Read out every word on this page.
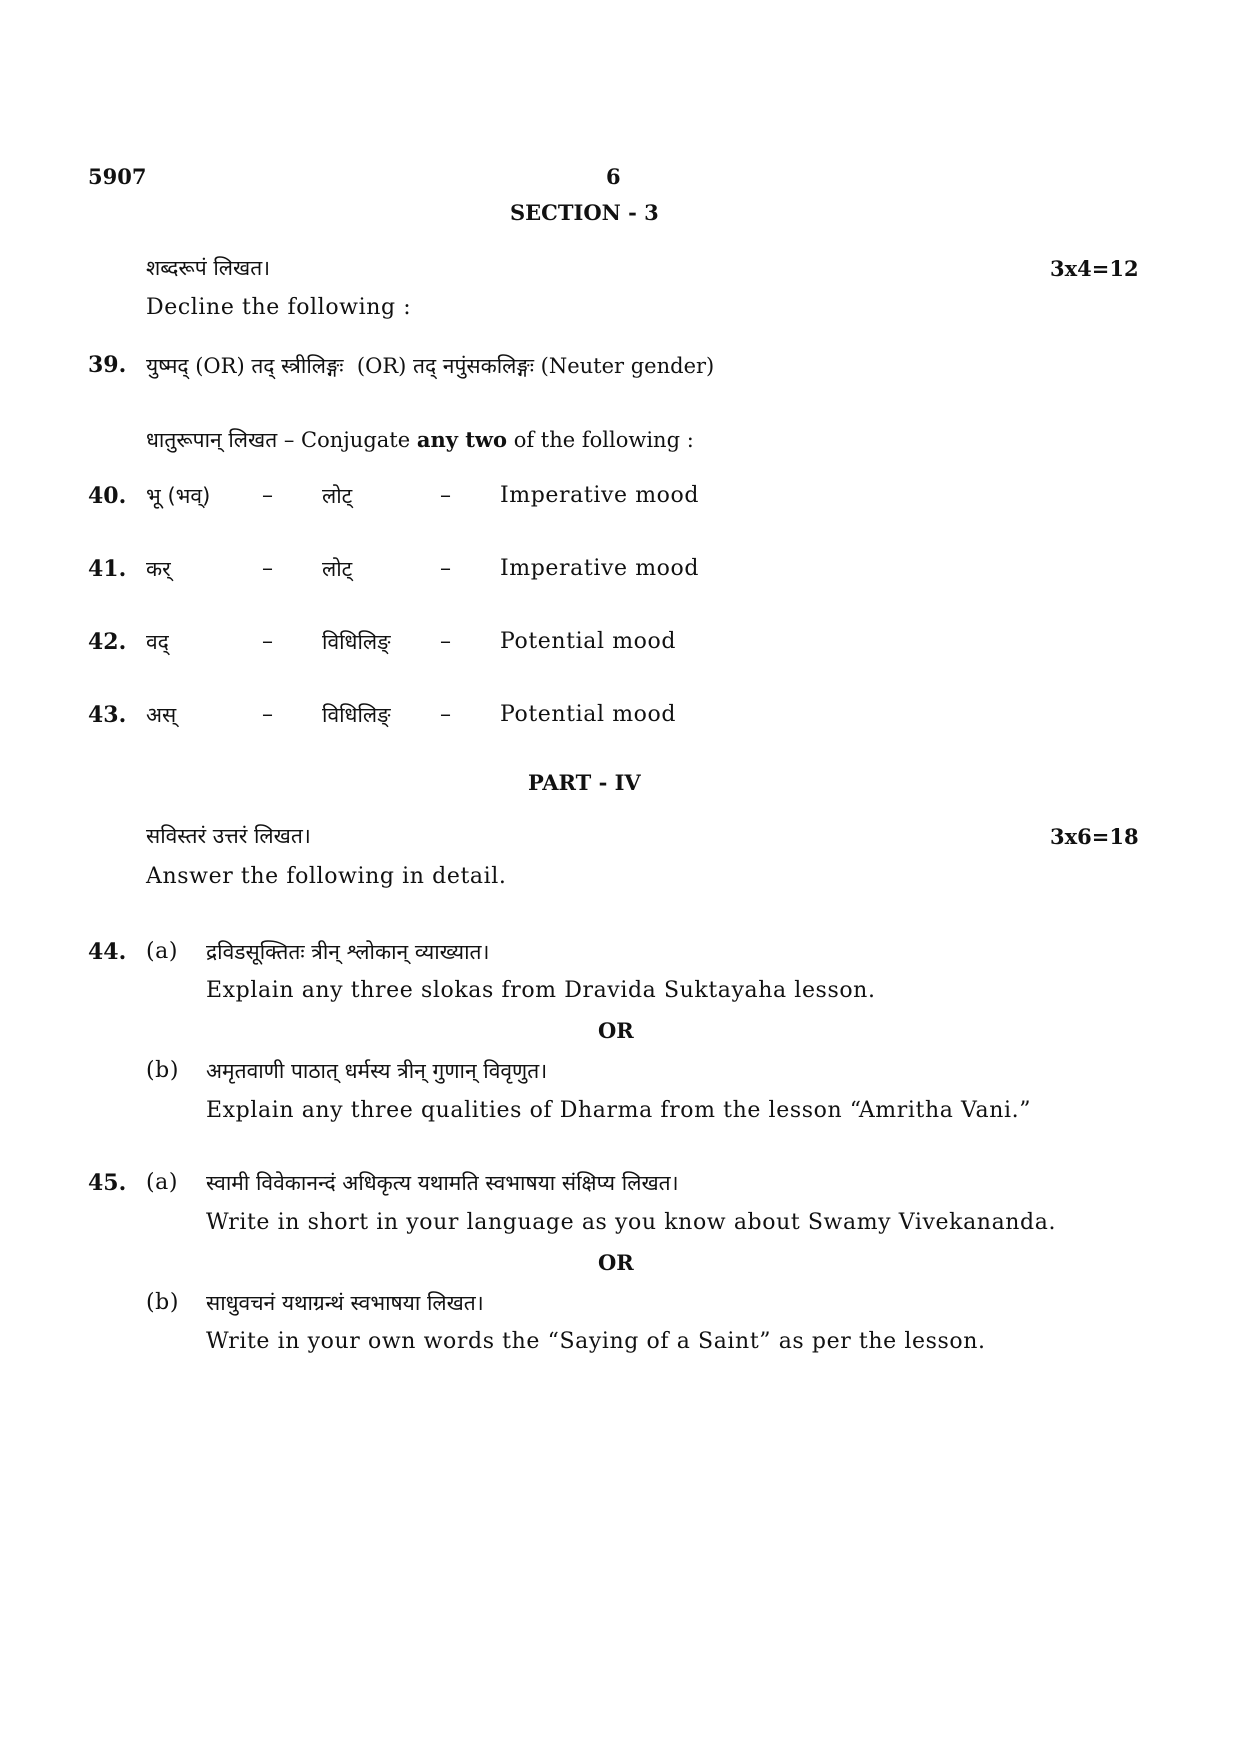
5907	6
SECTION - 3
शब्दरूपं लिखत।	3x4=12
Decline the following :
39. युष्मद् (OR) तद् स्त्रीलिङ्गः (OR) तद् नपुंसकलिङ्गः (Neuter gender)
धातुरूपान् लिखत – Conjugate any two of the following :
40. भू (भव्) – लोट्	– Imperative mood
41. कर्	– लोट्	– Imperative mood
42. वद्	– विधिलिङ् – Potential mood
43. अस्	– विधिलिङ् – Potential mood
PART - IV
सविस्तरं उत्तरं लिखत।	3x6=18
Answer the following in detail.
44. (a) द्रविडसूक्तितः त्रीन् श्लोकान् व्याख्यात।
Explain any three slokas from Dravida Suktayaha lesson.
OR
(b) अमृतवाणी पाठात् धर्मस्य त्रीन् गुणान् विवृणुत।
Explain any three qualities of Dharma from the lesson “Amritha Vani.”
45. (a) स्वामी विवेकानन्दं अधिकृत्य यथामति स्वभाषया संक्षिप्य लिखत।
Write in short in your language as you know about Swamy Vivekananda.
OR
(b) साधुवचनं यथाग्रन्थं स्वभाषया लिखत।
Write in your own words the “Saying of a Saint” as per the lesson.
